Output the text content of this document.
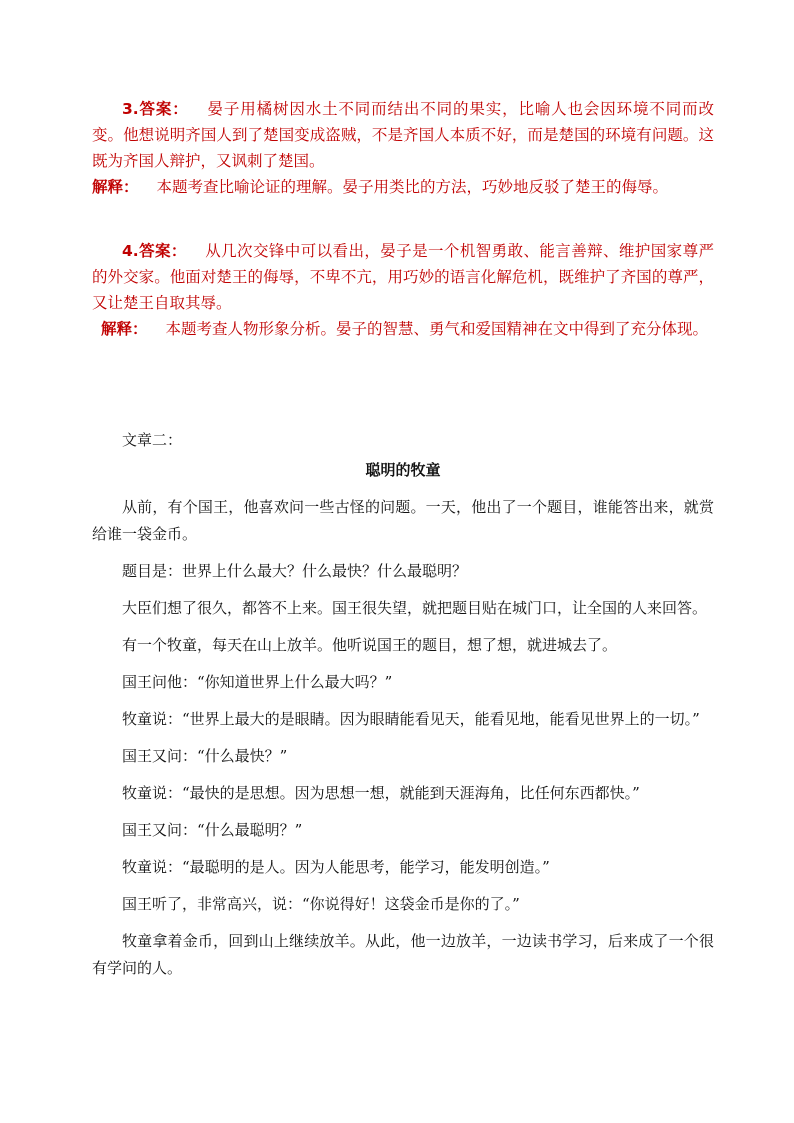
3.答案： 晏子用橘树因水土不同而结出不同的果实，比喻人也会因环境不同而改变。他想说明齐国人到了楚国变成盗贼，不是齐国人本质不好，而是楚国的环境有问题。这既为齐国人辩护，又讽刺了楚国。

解释： 本题考查比喻论证的理解。晏子用类比的方法，巧妙地反驳了楚王的侮辱。

4.答案： 从几次交锋中可以看出，晏子是一个机智勇敢、能言善辩、维护国家尊严的外交家。他面对楚王的侮辱，不卑不亢，用巧妙的语言化解危机，既维护了齐国的尊严，又让楚王自取其辱。

解释： 本题考查人物形象分析。晏子的智慧、勇气和爱国精神在文中得到了充分体现。

文章二：

聪明的牧童

从前，有个国王，他喜欢问一些古怪的问题。一天，他出了一个题目，谁能答出来，就赏给谁一袋金币。

题目是：世界上什么最大？什么最快？什么最聪明？

大臣们想了很久，都答不上来。国王很失望，就把题目贴在城门口，让全国的人来回答。

有一个牧童，每天在山上放羊。他听说国王的题目，想了想，就进城去了。

国王问他：“你知道世界上什么最大吗？”

牧童说：“世界上最大的是眼睛。因为眼睛能看见天，能看见地，能看见世界上的一切。”

国王又问：“什么最快？”

牧童说：“最快的是思想。因为思想一想，就能到天涯海角，比任何东西都快。”

国王又问：“什么最聪明？”

牧童说：“最聪明的是人。因为人能思考，能学习，能发明创造。”

国王听了，非常高兴，说：“你说得好！这袋金币是你的了。”

牧童拿着金币，回到山上继续放羊。从此，他一边放羊，一边读书学习，后来成了一个很有学问的人。
